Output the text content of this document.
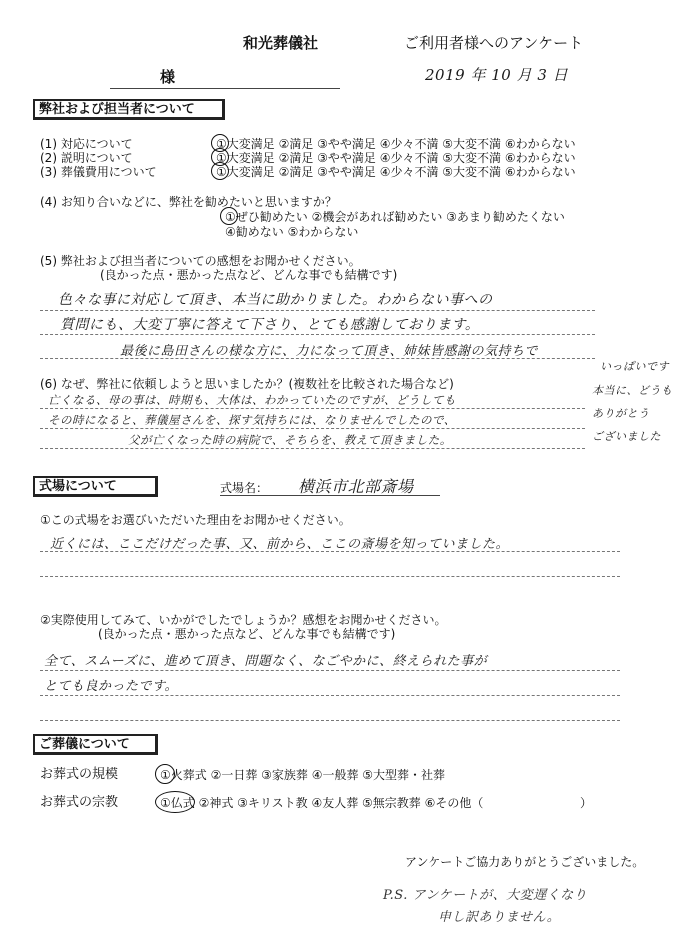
和光葬儀社	ご利用者様へのアンケート
様	2019 年 10 月 3 日
弊社および担当者について
(1) 対応について	①大変満足 ②満足 ③やや満足 ④少々不満 ⑤大変不満 ⑥わからない
(2) 説明について	①大変満足 ②満足 ③やや満足 ④少々不満 ⑤大変不満 ⑥わからない
(3) 葬儀費用について	①大変満足 ②満足 ③やや満足 ④少々不満 ⑤大変不満 ⑥わからない
(4) お知り合いなどに、弊社を勧めたいと思いますか？
①ぜひ勧めたい ②機会があれば勧めたい ③あまり勧めたくない
④勧めない ⑤わからない
(5) 弊社および担当者についての感想をお聞かせください。
(良かった点・悪かった点など、どんな事でも結構です)
色々な事に対応して頂き、本当に助かりました。わからない事への
質問にも、大変丁寧に答えて下さり、とても感謝しております。
最後に島田さんの様な方に、力になって頂き、姉妹皆感謝の気持ちで
いっぱいです
本当に、どうも
ありがとう
ございました
(6) なぜ、弊社に依頼しようと思いましたか？(複数社を比較された場合など)
亡くなる、母の事は、時期も、大体は、わかっていたのですが、どうしても
その時になると、葬儀屋さんを、探す気持ちには、なりませんでしたので、
父が亡くなった時の病院で、そちらを、教えて頂きました。
式場について	式場名： 横浜市北部斎場
①この式場をお選びいただいた理由をお聞かせください。
近くには、ここだけだった事、又、前から、ここの斎場を知っていました。
②実際使用してみて、いかがでしたでしょうか？感想をお聞かせください。
(良かった点・悪かった点など、どんな事でも結構です)
全て、スムーズに、進めて頂き、問題なく、なごやかに、終えられた事が
とても良かったです。
ご葬儀について
お葬式の規模	①火葬式 ②一日葬 ③家族葬 ④一般葬 ⑤大型葬・社葬
お葬式の宗教	①仏式 ②神式 ③キリスト教 ④友人葬 ⑤無宗教葬 ⑥その他（	）
アンケートご協力ありがとうございました。
P.S. アンケートが、大変遅くなり
申し訳ありません。
